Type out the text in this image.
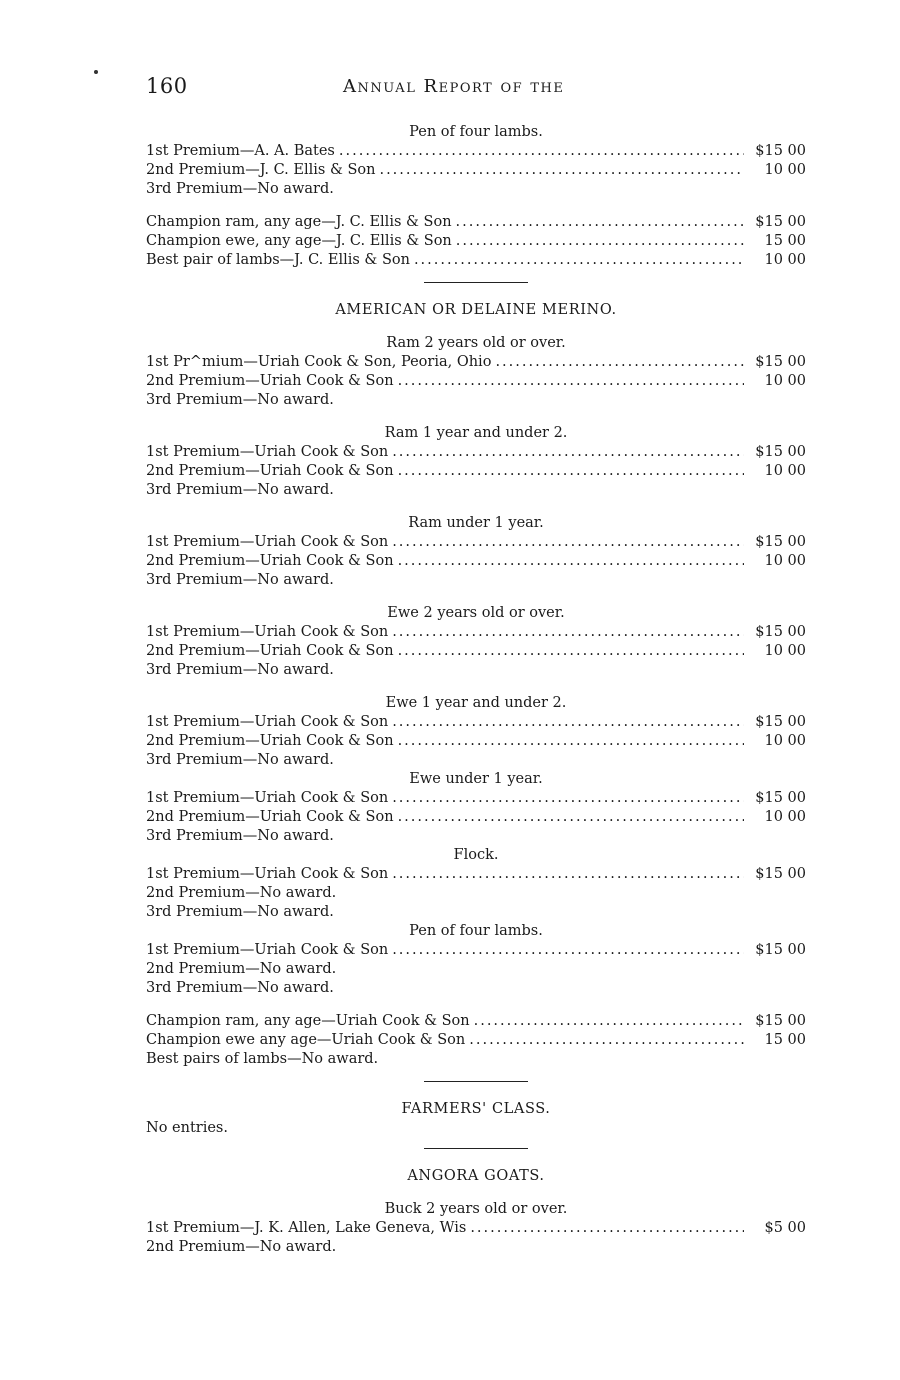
160	Annual Report of the
Pen of four lambs.
1st Premium—A. A. Bates .....	$15 00
2nd Premium—J. C. Ellis & Son .....	10 00
3rd Premium—No award.
Champion ram, any age—J. C. Ellis & Son .....	$15 00
Champion ewe, any age—J. C. Ellis & Son .....	15 00
Best pair of lambs—J. C. Ellis & Son .....	10 00
AMERICAN OR DELAINE MERINO.
Ram 2 years old or over.
1st Pr^mium—Uriah Cook & Son, Peoria, Ohio .....	$15 00
2nd Premium—Uriah Cook & Son .....	10 00
3rd Premium—No award.
Ram 1 year and under 2.
1st Premium—Uriah Cook & Son .....	$15 00
2nd Premium—Uriah Cook & Son .....	10 00
3rd Premium—No award.
Ram under 1 year.
1st Premium—Uriah Cook & Son .....	$15 00
2nd Premium—Uriah Cook & Son .....	10 00
3rd Premium—No award.
Ewe 2 years old or over.
1st Premium—Uriah Cook & Son .....	$15 00
2nd Premium—Uriah Cook & Son .....	10 00
3rd Premium—No award.
Ewe 1 year and under 2.
1st Premium—Uriah Cook & Son .....	$15 00
2nd Premium—Uriah Cook & Son .....	10 00
3rd Premium—No award.
Ewe under 1 year.
1st Premium—Uriah Cook & Son .....	$15 00
2nd Premium—Uriah Cook & Son .....	10 00
3rd Premium—No award.
Flock.
1st Premium—Uriah Cook & Son .....	$15 00
2nd Premium—No award.
3rd Premium—No award.
Pen of four lambs.
1st Premium—Uriah Cook & Son .....	$15 00
2nd Premium—No award.
3rd Premium—No award.
Champion ram, any age—Uriah Cook & Son .....	$15 00
Champion ewe any age—Uriah Cook & Son .....	15 00
Best pairs of lambs—No award.
FARMERS' CLASS.
No entries.
ANGORA GOATS.
Buck 2 years old or over.
1st Premium—J. K. Allen, Lake Geneva, Wis .....	$5 00
2nd Premium—No award.
